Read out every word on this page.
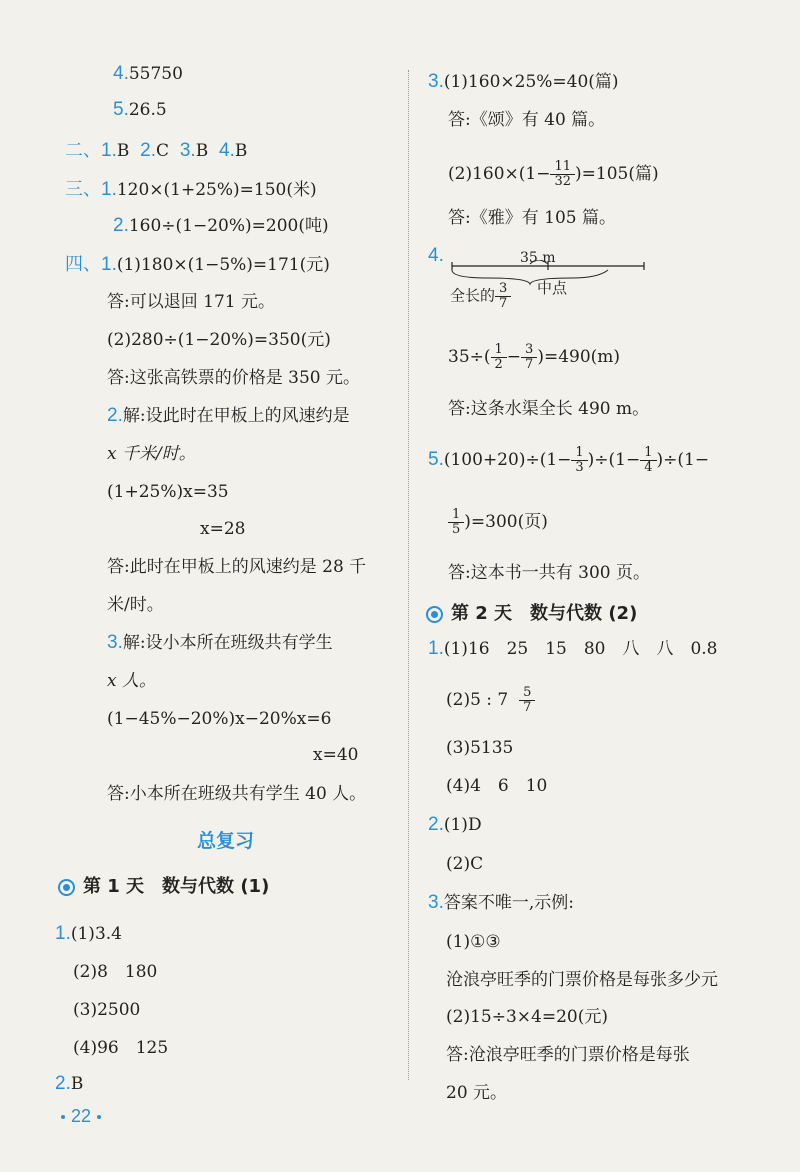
4.55750
5.26.5
二、1.B 2.C 3.B 4.B
三、1.120×(1+25%)=150(米)
2.160÷(1−20%)=200(吨)
四、1.(1)180×(1−5%)=171(元)
答:可以退回 171 元。
(2)280÷(1−20%)=350(元)
答:这张高铁票的价格是 350 元。
2.解:设此时在甲板上的风速约是
x 千米/时。
(1+25%)x=35
x=28
答:此时在甲板上的风速约是 28 千
米/时。
3.解:设小本所在班级共有学生
x 人。
(1−45%−20%)x−20%x=6
x=40
答:小本所在班级共有学生 40 人。
总复习
第 1 天　数与代数 (1)
1.(1)3.4
(2)8　180
(3)2500
(4)96　125
2.B
22
3.(1)160×25%=40(篇)
答:《颂》有 40 篇。
$(2)160\times(1- \frac{11}{32} )=105$(篇)
答:《雅》有 105 篇。
4.	35 m
全长的 $\frac{3}{7}$ 中点
$35\div( \frac{1}{2} - \frac{3}{7} )=490(m)$
答:这条水渠全长 490 m。
$5.(100+20)\div(1- \frac{1}{3} )\div(1- \frac{1}{4} )\div(1-$
$\frac{1}{5} )=300$(页)
答:这本书一共有 300 页。
第 2 天　数与代数 (2)
1.(1)16　25　15　80　八　八　0.8
(2)5 : $7 \frac{5}{7}$
(3)5135
(4)4　6　10
2.(1)D
(2)C
3.答案不唯一,示例:
(1)①③
沧浪亭旺季的门票价格是每张多少元
(2)15÷3×4=20(元)
答:沧浪亭旺季的门票价格是每张
20 元。
